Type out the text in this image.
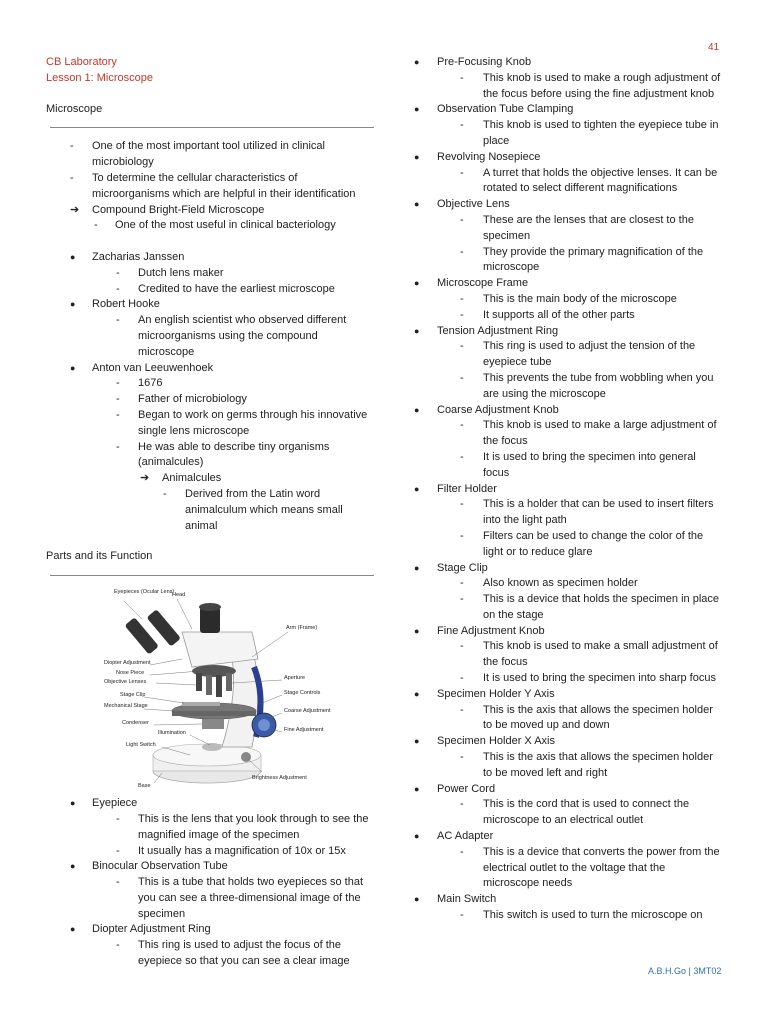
41
CB Laboratory
Lesson 1: Microscope
Microscope
- One of the most important tool utilized in clinical microbiology
- To determine the cellular characteristics of microorganisms which are helpful in their identification
➔ Compound Bright-Field Microscope
- One of the most useful in clinical bacteriology
● Zacharias Janssen
- Dutch lens maker
- Credited to have the earliest microscope
● Robert Hooke
- An english scientist who observed different microorganisms using the compound microscope
● Anton van Leeuwenhoek
- 1676
- Father of microbiology
- Began to work on germs through his innovative single lens microscope
- He was able to describe tiny organisms (animalcules)
➔ Animalcules
- Derived from the Latin word animalculum which means small animal
Parts and its Function
Eyepieces (Ocular Lens)
Head
Arm (Frame)
Diopter Adjustment
Nose Piece
Objective Lenses
Aperture
Stage Clip	Stage Controls
Mechanical Stage
Coarse Adjustment
Condenser
Fine Adjustment
Illumination
Light Switch
Brightness Adjustment
Base
● Eyepiece
- This is the lens that you look through to see the magnified image of the specimen
- It usually has a magnification of 10x or 15x
● Binocular Observation Tube
- This is a tube that holds two eyepieces so that you can see a three-dimensional image of the specimen
● Diopter Adjustment Ring
- This ring is used to adjust the focus of the eyepiece so that you can see a clear image
● Pre-Focusing Knob
- This knob is used to make a rough adjustment of the focus before using the fine adjustment knob
● Observation Tube Clamping
- This knob is used to tighten the eyepiece tube in place
● Revolving Nosepiece
- A turret that holds the objective lenses. It can be rotated to select different magnifications
● Objective Lens
- These are the lenses that are closest to the specimen
- They provide the primary magnification of the microscope
● Microscope Frame
- This is the main body of the microscope
- It supports all of the other parts
● Tension Adjustment Ring
- This ring is used to adjust the tension of the eyepiece tube
- This prevents the tube from wobbling when you are using the microscope
● Coarse Adjustment Knob
- This knob is used to make a large adjustment of the focus
- It is used to bring the specimen into general focus
● Filter Holder
- This is a holder that can be used to insert filters into the light path
- Filters can be used to change the color of the light or to reduce glare
● Stage Clip
- Also known as specimen holder
- This is a device that holds the specimen in place on the stage
● Fine Adjustment Knob
- This knob is used to make a small adjustment of the focus
- It is used to bring the specimen into sharp focus
● Specimen Holder Y Axis
- This is the axis that allows the specimen holder to be moved up and down
● Specimen Holder X Axis
- This is the axis that allows the specimen holder to be moved left and right
● Power Cord
- This is the cord that is used to connect the microscope to an electrical outlet
● AC Adapter
- This is a device that converts the power from the electrical outlet to the voltage that the microscope needs
● Main Switch
- This switch is used to turn the microscope on
A.B.H.Go | 3MT02
